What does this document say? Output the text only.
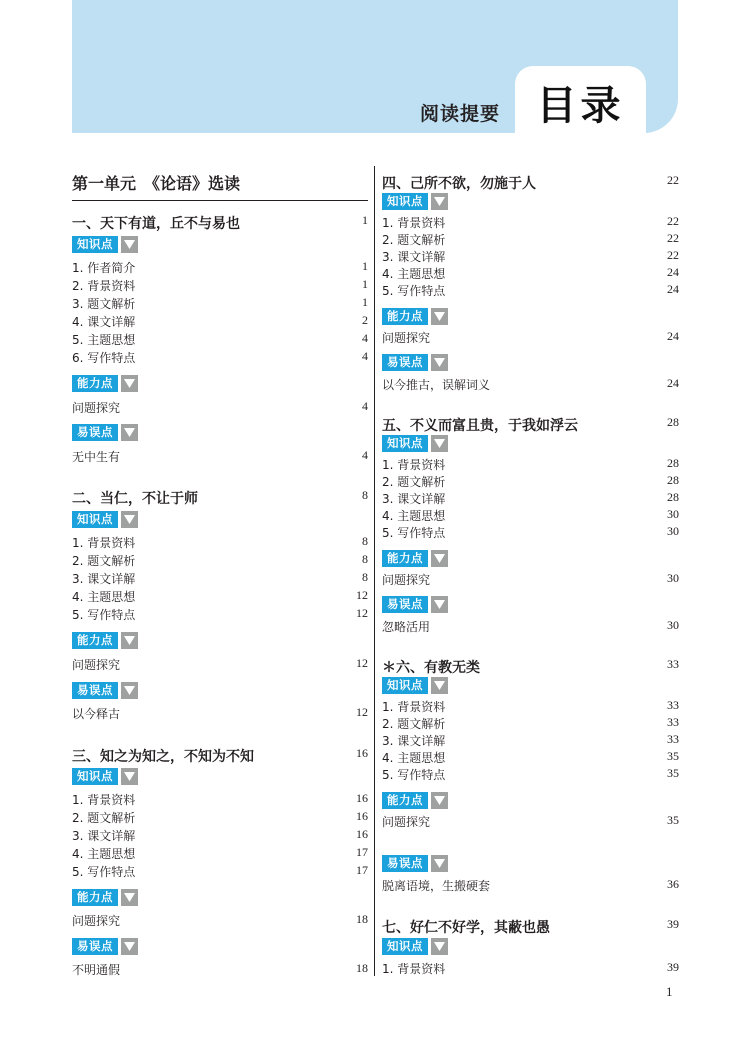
阅读提要 目录
第一单元　《论语》选读
一、天下有道，丘不与易也	1
知识点
1. 作者简介	1
2. 背景资料	1
3. 题文解析	1
4. 课文详解	2
5. 主题思想	4
6. 写作特点	4
能力点
问题探究	4
易误点
无中生有	4
二、当仁，不让于师	8
知识点
1. 背景资料	8
2. 题文解析	8
3. 课文详解	8
4. 主题思想	12
5. 写作特点	12
能力点
问题探究	12
易误点
以今释古	12
三、知之为知之，不知为不知	16
知识点
1. 背景资料	16
2. 题文解析	16
3. 课文详解	16
4. 主题思想	17
5. 写作特点	17
能力点
问题探究	18
易误点
不明通假	18
四、己所不欲，勿施于人	22
知识点
1. 背景资料	22
2. 题文解析	22
3. 课文详解	22
4. 主题思想	24
5. 写作特点	24
能力点
问题探究	24
易误点
以今推古，误解词义	24
五、不义而富且贵，于我如浮云	28
知识点
1. 背景资料	28
2. 题文解析	28
3. 课文详解	28
4. 主题思想	30
5. 写作特点	30
能力点
问题探究	30
易误点
忽略活用	30
＊六、有教无类	33
知识点
1. 背景资料	33
2. 题文解析	33
3. 课文详解	33
4. 主题思想	35
5. 写作特点	35
能力点
问题探究	35
易误点
脱离语境，生搬硬套	36
七、好仁不好学，其蔽也愚	39
知识点
1. 背景资料	39
1
